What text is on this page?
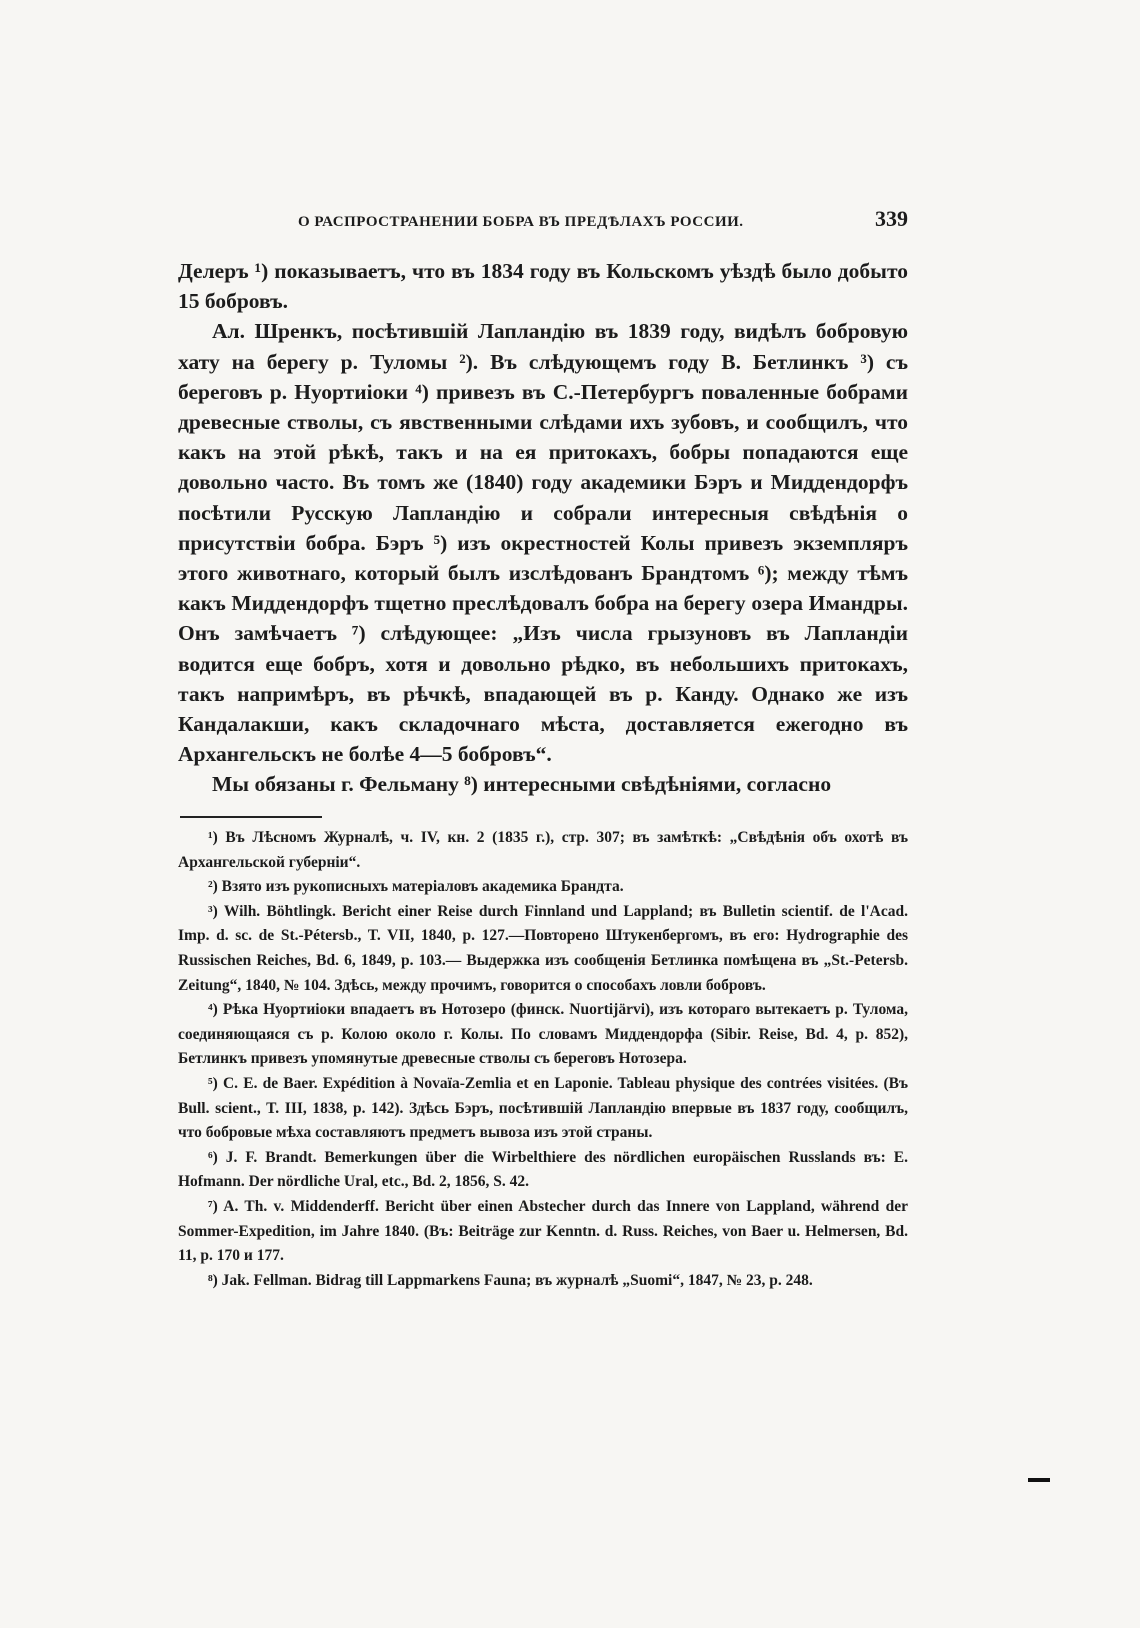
О РАСПРОСТРАНЕНИИ БОБРА ВЪ ПРЕДѢЛАХЪ РОССИИ.	339

Делеръ ¹) показываетъ, что въ 1834 году въ Кольскомъ уѣздѣ было добыто 15 бобровъ.

Ал. Шренкъ, посѣтившій Лапландію въ 1839 году, видѣлъ бобровую хату на берегу р. Туломы ²). Въ слѣдующемъ году В. Бетлинкъ ³) съ береговъ р. Нуортиіоки ⁴) привезъ въ С.-Петербургъ поваленные бобрами древесные стволы, съ явственными слѣдами ихъ зубовъ, и сообщилъ, что какъ на этой рѣкѣ, такъ и на ея притокахъ, бобры попадаются еще довольно часто. Въ томъ же (1840) году академики Бэръ и Миддендорфъ посѣтили Русскую Лапландію и собрали интересныя свѣдѣнія о присутствіи бобра. Бэръ ⁵) изъ окрестностей Колы привезъ экземпляръ этого животнаго, который былъ изслѣдованъ Брандтомъ ⁶); между тѣмъ какъ Миддендорфъ тщетно преслѣдовалъ бобра на берегу озера Имандры. Онъ замѣчаетъ ⁷) слѣдующее: „Изъ числа грызуновъ въ Лапландіи водится еще бобръ, хотя и довольно рѣдко, въ небольшихъ притокахъ, такъ напримѣръ, въ рѣчкѣ, впадающей въ р. Канду. Однако же изъ Кандалакши, какъ складочнаго мѣста, доставляется ежегодно въ Архангельскъ не болѣе 4—5 бобровъ“.

Мы обязаны г. Фельману ⁸) интересными свѣдѣніями, согласно

¹) Въ Лѣсномъ Журналѣ, ч. IV, кн. 2 (1835 г.), стр. 307; въ замѣткѣ: „Свѣдѣнія объ охотѣ въ Архангельской губерніи“.

²) Взято изъ рукописныхъ матеріаловъ академика Брандта.

³) Wilh. Böhtlingk. Bericht einer Reise durch Finnland und Lappland; въ Bulletin scientif. de l'Acad. Imp. d. sc. de St.-Pétersb., T. VII, 1840, p. 127.—Повторено Штукенбергомъ, въ его: Hydrographie des Russischen Reiches, Bd. 6, 1849, p. 103.— Выдержка изъ сообщенія Бетлинка помѣщена въ „St.-Petersb. Zeitung“, 1840, № 104. Здѣсь, между прочимъ, говорится о способахъ ловли бобровъ.

⁴) Рѣка Нуортиіоки впадаетъ въ Нотозеро (финск. Nuortijärvi), изъ котораго вытекаетъ р. Тулома, соединяющаяся съ р. Колою около г. Колы. По словамъ Миддендорфа (Sibir. Reise, Bd. 4, p. 852), Бетлинкъ привезъ упомянутые древесные стволы съ береговъ Нотозера.

⁵) C. E. de Baer. Expédition à Novaïa-Zemlia et en Laponie. Tableau physique des contrées visitées. (Въ Bull. scient., T. III, 1838, p. 142). Здѣсь Бэръ, посѣтившій Лапландію впервые въ 1837 году, сообщилъ, что бобровые мѣха составляютъ предметъ вывоза изъ этой страны.

⁶) J. F. Brandt. Bemerkungen über die Wirbelthiere des nördlichen europäischen Russlands въ: E. Hofmann. Der nördliche Ural, etc., Bd. 2, 1856, S. 42.

⁷) A. Th. v. Middenderff. Bericht über einen Abstecher durch das Innere von Lappland, während der Sommer-Expedition, im Jahre 1840. (Въ: Beiträge zur Kenntn. d. Russ. Reiches, von Baer u. Helmersen, Bd. 11, p. 170 и 177.

⁸) Jak. Fellman. Bidrag till Lappmarkens Fauna; въ журналѣ „Suomi“, 1847, № 23, p. 248.
